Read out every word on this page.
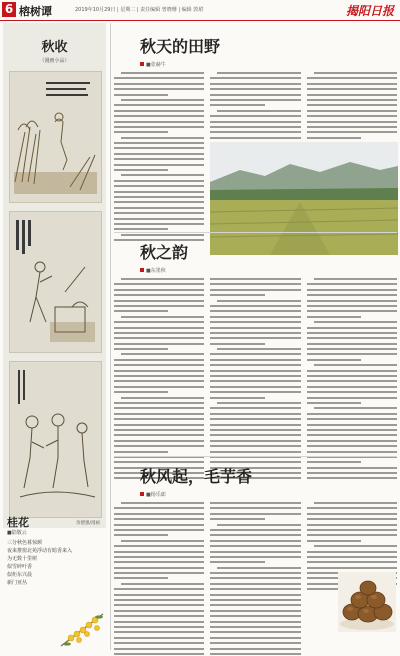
6 榕树谭	2019年10月29日 | 星期二 | 责任编辑 曾晓珊 | 编辑 敦珺	揭阳日报
秋收
（漫画小品）
余德强/漫画
桂花
■陆敬云
三分秋色暮惊颜
夜来推窗北苑浮动有暗香来入
为无数十里树
似雪碎叶香
似炬东兴晨
新门亚丛
秋天的田野
■张赫牛
秋之韵
■东墨秋
秋风起，毛芋香
■杨乐郎
